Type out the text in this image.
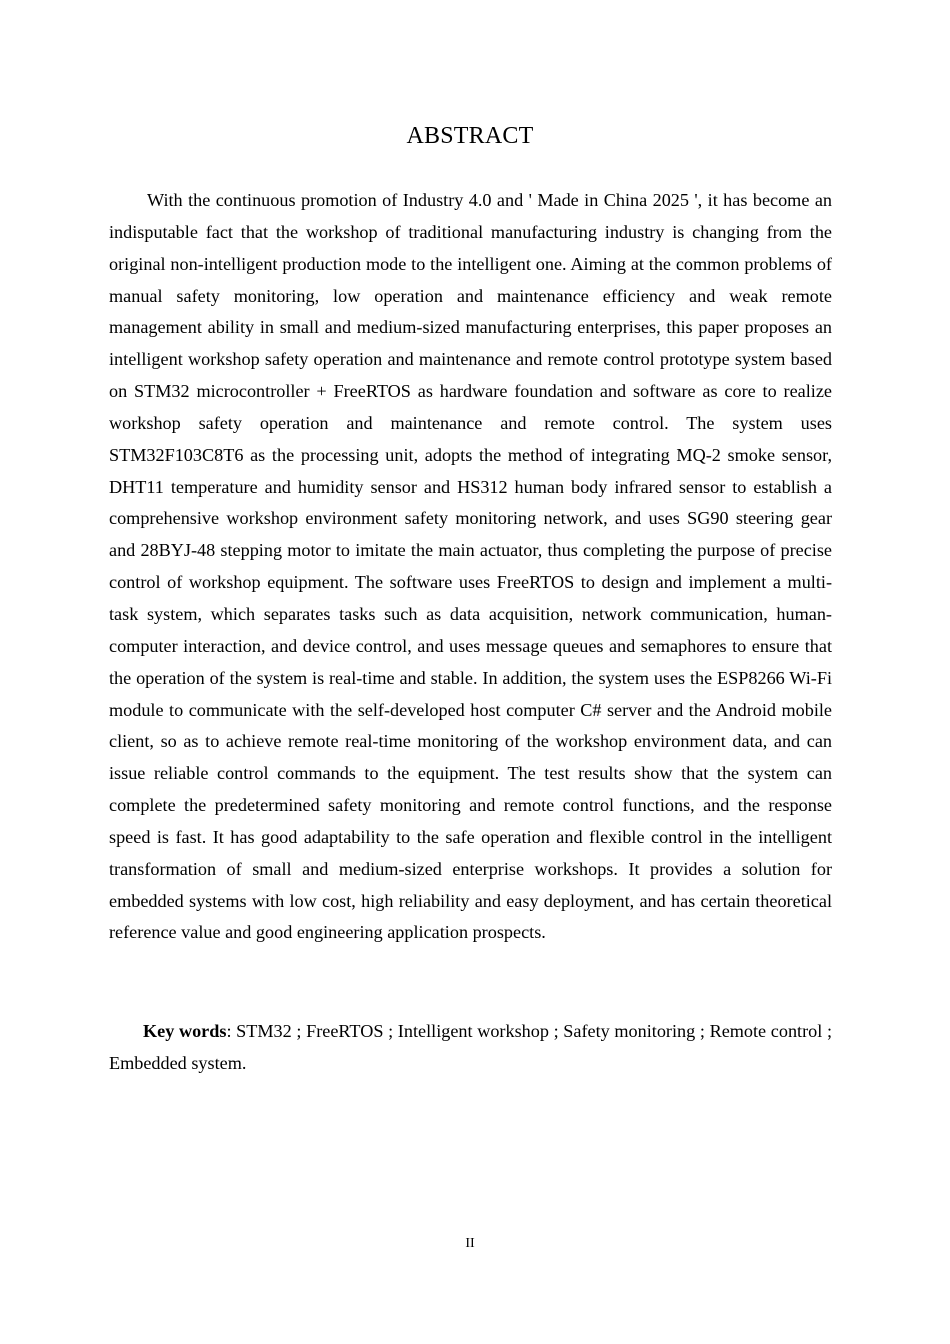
ABSTRACT

With the continuous promotion of Industry 4.0 and ' Made in China 2025 ', it has become an indisputable fact that the workshop of traditional manufacturing industry is changing from the original non-intelligent production mode to the intelligent one. Aiming at the common problems of manual safety monitoring, low operation and maintenance efficiency and weak remote management ability in small and medium-sized manufacturing enterprises, this paper proposes an intelligent workshop safety operation and maintenance and remote control prototype system based on STM32 microcontroller + FreeRTOS as hardware foundation and software as core to realize workshop safety operation and maintenance and remote control. The system uses STM32F103C8T6 as the processing unit, adopts the method of integrating MQ-2 smoke sensor, DHT11 temperature and humidity sensor and HS312 human body infrared sensor to establish a comprehensive workshop environment safety monitoring network, and uses SG90 steering gear and 28BYJ-48 stepping motor to imitate the main actuator, thus completing the purpose of precise control of workshop equipment. The software uses FreeRTOS to design and implement a multi-task system, which separates tasks such as data acquisition, network communication, human-computer interaction, and device control, and uses message queues and semaphores to ensure that the operation of the system is real-time and stable. In addition, the system uses the ESP8266 Wi-Fi module to communicate with the self-developed host computer C# server and the Android mobile client, so as to achieve remote real-time monitoring of the workshop environment data, and can issue reliable control commands to the equipment. The test results show that the system can complete the predetermined safety monitoring and remote control functions, and the response speed is fast. It has good adaptability to the safe operation and flexible control in the intelligent transformation of small and medium-sized enterprise workshops. It provides a solution for embedded systems with low cost, high reliability and easy deployment, and has certain theoretical reference value and good engineering application prospects.

Key words: STM32 ; FreeRTOS ; Intelligent workshop ; Safety monitoring ; Remote control ; Embedded system.

II
